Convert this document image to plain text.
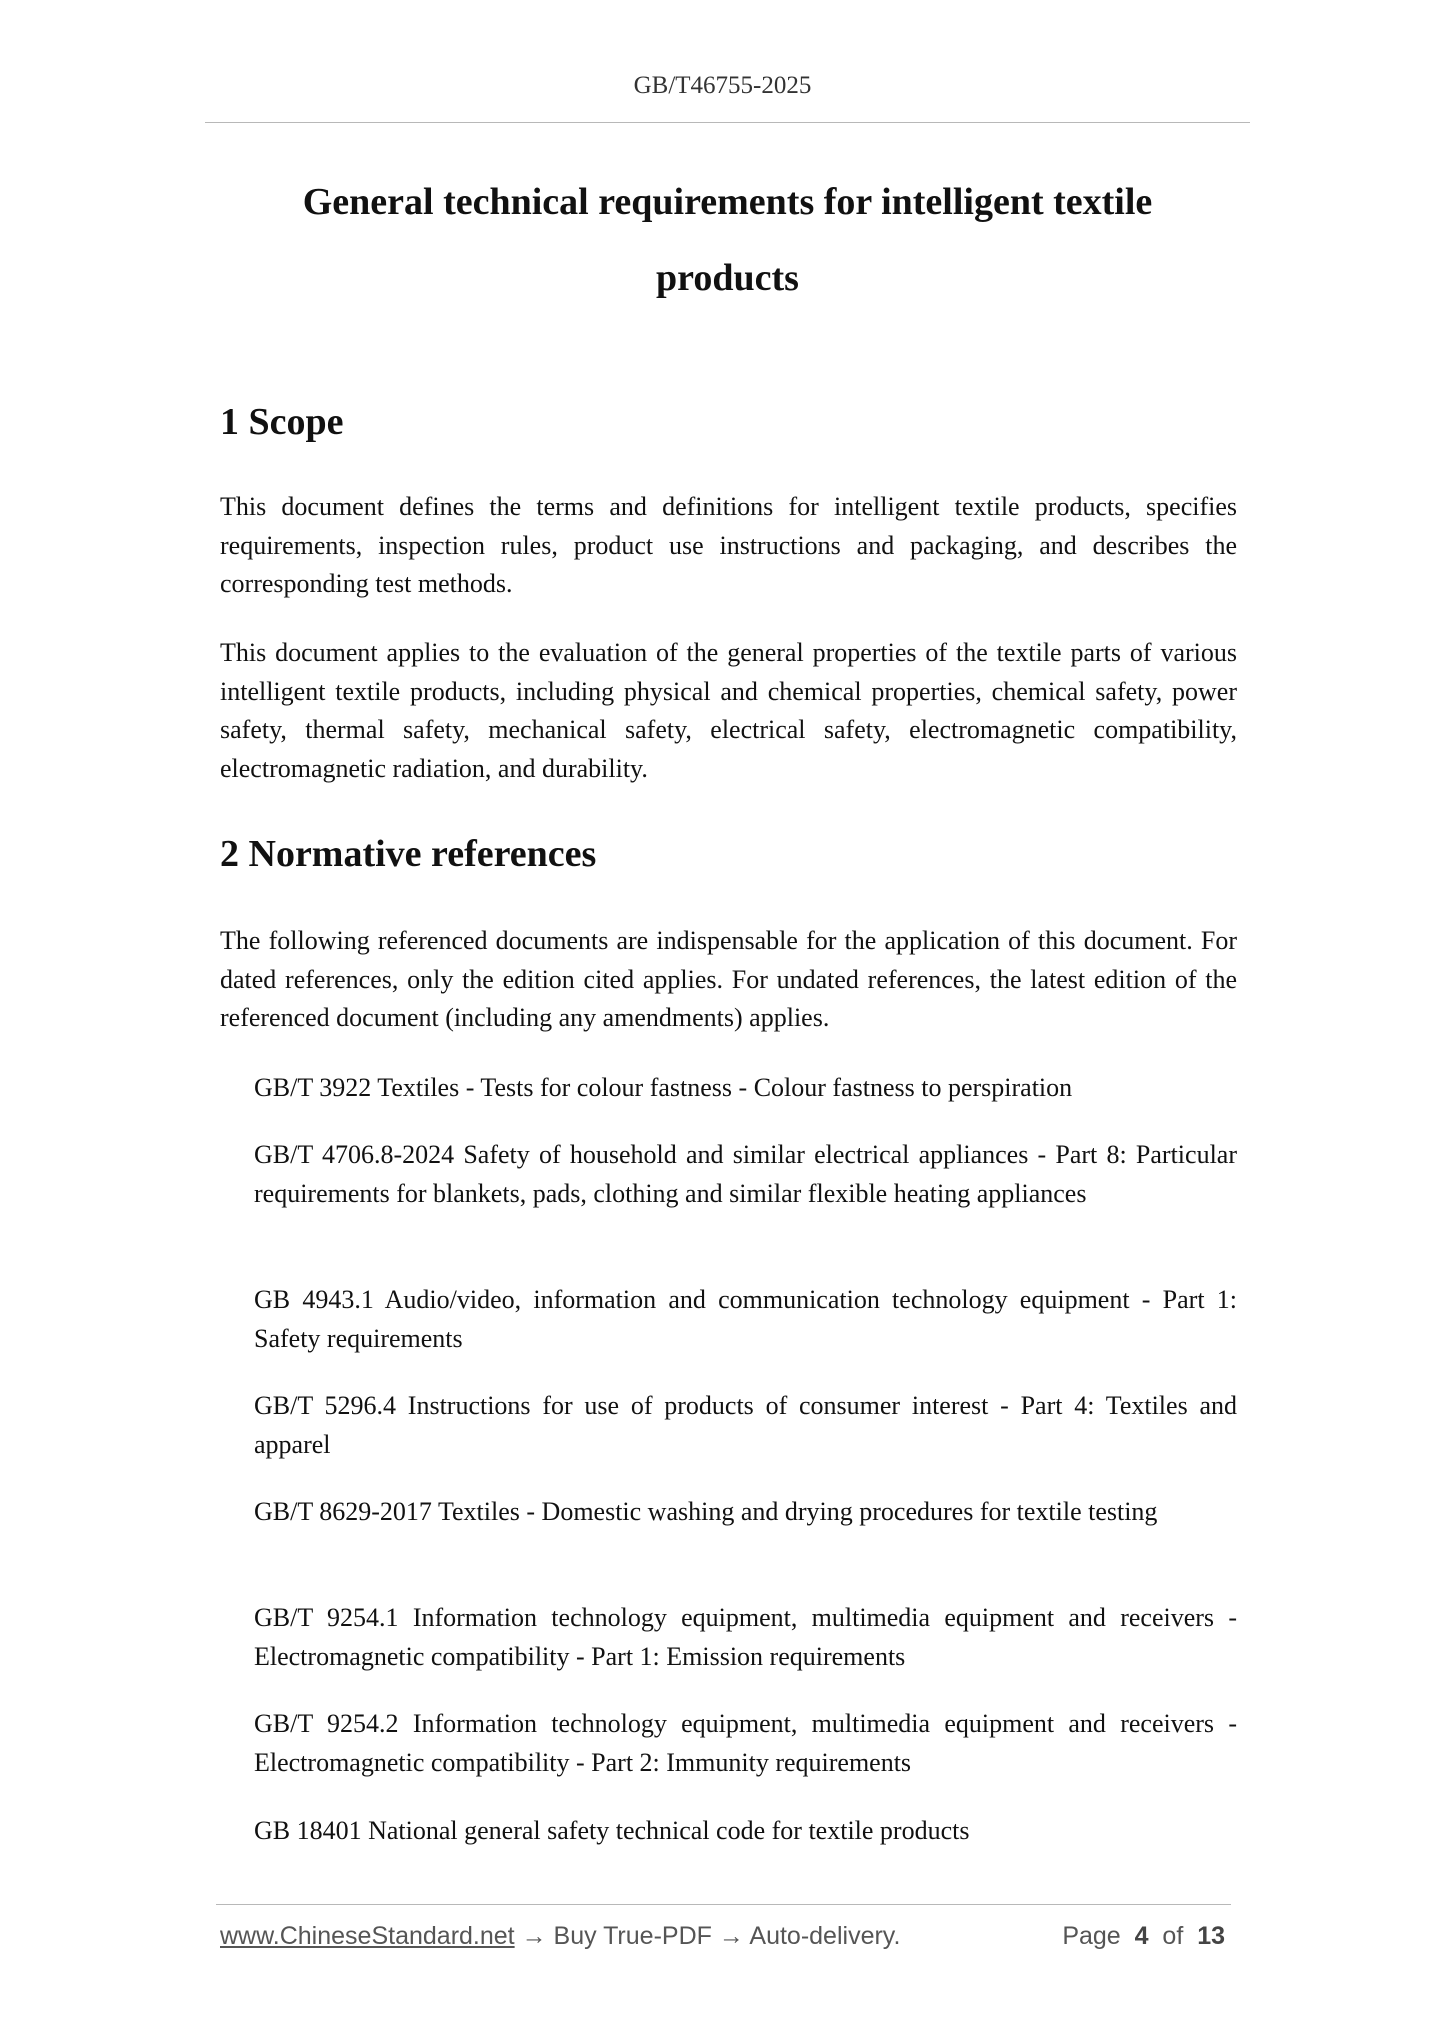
GB/T46755-2025
General technical requirements for intelligent textile
products
1 Scope

This document defines the terms and definitions for intelligent textile products, specifies requirements, inspection rules, product use instructions and packaging, and describes the corresponding test methods.

This document applies to the evaluation of the general properties of the textile parts of various intelligent textile products, including physical and chemical properties, chemical safety, power safety, thermal safety, mechanical safety, electrical safety, electromagnetic compatibility, electromagnetic radiation, and durability.

2 Normative references

The following referenced documents are indispensable for the application of this document. For dated references, only the edition cited applies. For undated references, the latest edition of the referenced document (including any amendments) applies.

GB/T 3922 Textiles - Tests for colour fastness - Colour fastness to perspiration

GB/T 4706.8-2024 Safety of household and similar electrical appliances - Part 8: Particular requirements for blankets, pads, clothing and similar flexible heating appliances

GB 4943.1 Audio/video, information and communication technology equipment - Part 1: Safety requirements

GB/T 5296.4 Instructions for use of products of consumer interest - Part 4: Textiles and apparel

GB/T 8629-2017 Textiles - Domestic washing and drying procedures for textile testing

GB/T 9254.1 Information technology equipment, multimedia equipment and receivers - Electromagnetic compatibility - Part 1: Emission requirements

GB/T 9254.2 Information technology equipment, multimedia equipment and receivers - Electromagnetic compatibility - Part 2: Immunity requirements

GB 18401 National general safety technical code for textile products

www.ChineseStandard.net → Buy True-PDF → Auto-delivery.	Page 4 of 13
